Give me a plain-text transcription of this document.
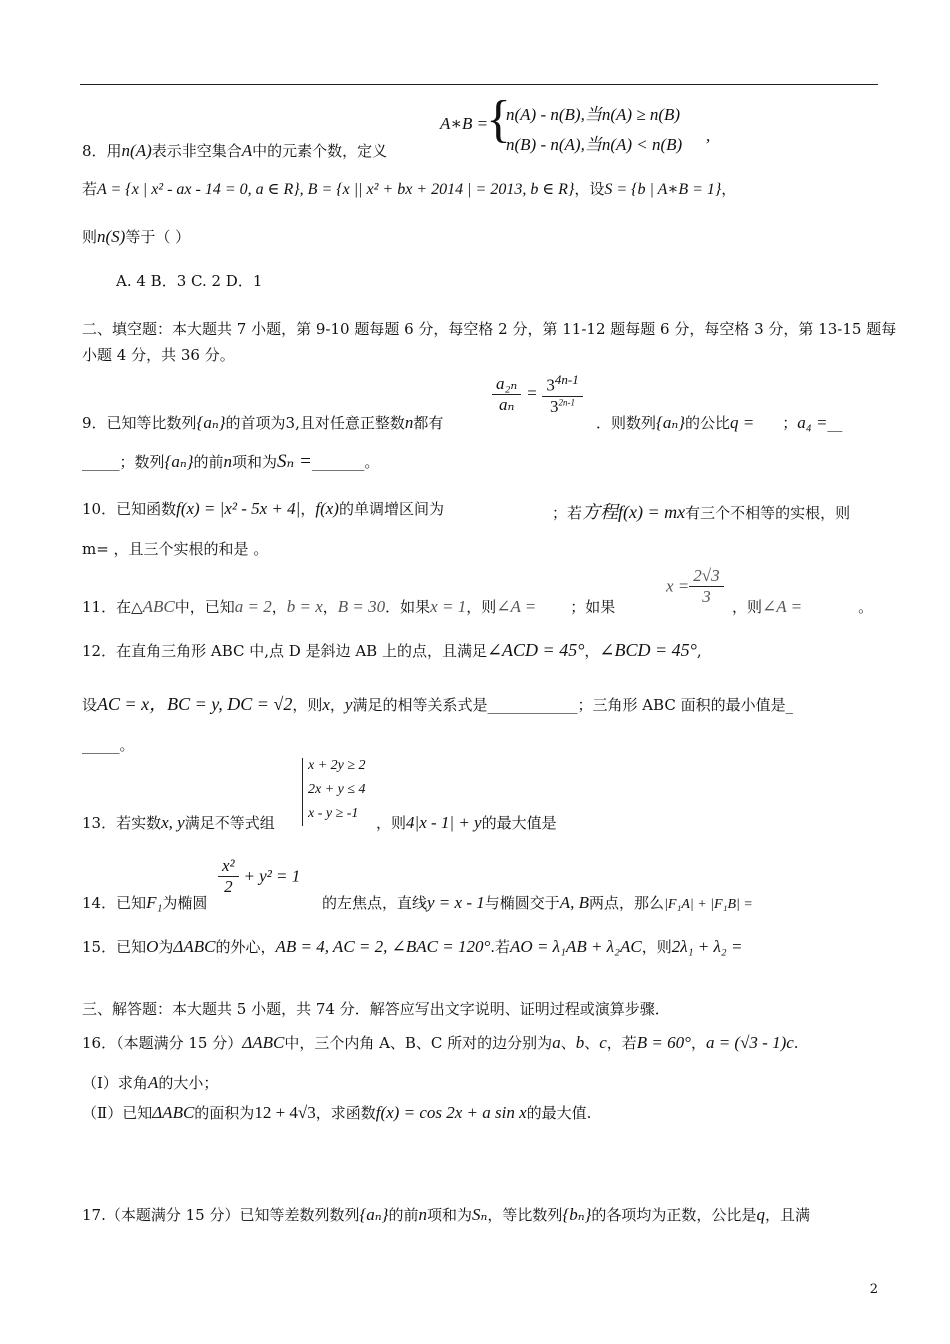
A∗B =
{
n(A) - n(B),当n(A) ≥ n(B)
n(B) - n(A),当n(A) < n(B) ,
8．用n(A)表示非空集合A中的元素个数，定义
若A = {x | x² - ax - 14 = 0, a ∈ R}, B = {x || x² + bx + 2014 | = 2013, b ∈ R}，设S = {b | A∗B = 1}，
则n(S)等于（ ）
A. 4 B．3 C. 2 D．1
二、填空题：本大题共 7 小题，第 9-10 题每题 6 分，每空格 2 分，第 11-12 题每题 6 分，每空格 3 分，第 13-15 题每
小题 4 分，共 36 分。
9．已知等比数列{aₙ}的首项为3,且对任意正整数n都有
$\frac{\text{a₂ₙ}}{\text{aₙ}} = \frac{3^{4n-1}}{3^{2n-1}}$
．则数列{aₙ}的公比q = ；a₄ =__
_____；数列{aₙ}的前n项和为Sₙ =_______。
10．已知函数f(x) = |x² - 5x + 4|，f(x)的单调增区间为	；若方程f(x) = mx有三个不相等的实根，则
m= ，且三个实根的和是 。
11．在△ABC中，已知a = 2，b = x，B = 30．如果x = 1，则∠A = ；如果
$x = \frac{2√3}{3}$ ，则∠A =	。
12．在直角三角形 ABC 中,点 D 是斜边 AB 上的点，且满足∠ACD = 45°，∠BCD = 45°,
设AC = x，BC = y, DC = √2，则x，y满足的相等关系式是____________；三角形 ABC 面积的最小值是_
_____。
x + 2y ≥ 2
2x + y ≤ 4
x - y ≥ -1
13．若实数x, y满足不等式组	，则4|x - 1| + y的最大值是
14．已知F₁为椭圆
$\frac{\text{x²}}{2} + y^2 = 1$
的左焦点，直线y = x - 1与椭圆交于A, B两点，那么|F₁A| + |F₁B| =
15．已知O为ΔABC的外心，AB = 4, AC = 2, ∠BAC = 120°.若AO = λ₁AB + λ₂AC，则2λ₁ + λ₂ =
三、解答题：本大题共 5 小题，共 74 分．解答应写出文字说明、证明过程或演算步骤．
16．（本题满分 15 分）ΔABC中，三个内角 A、B、C 所对的边分别为a、b、c，若B = 60°，a = (√3 - 1)c.
（Ⅰ）求角A的大小；
（Ⅱ）已知ΔABC的面积为12 + 4√3，求函数f(x) = cos 2x + a sin x的最大值.
17.（本题满分 15 分）已知等差数列数列{aₙ}的前n项和为Sₙ，等比数列{bₙ}的各项均为正数，公比是q，且满
2
